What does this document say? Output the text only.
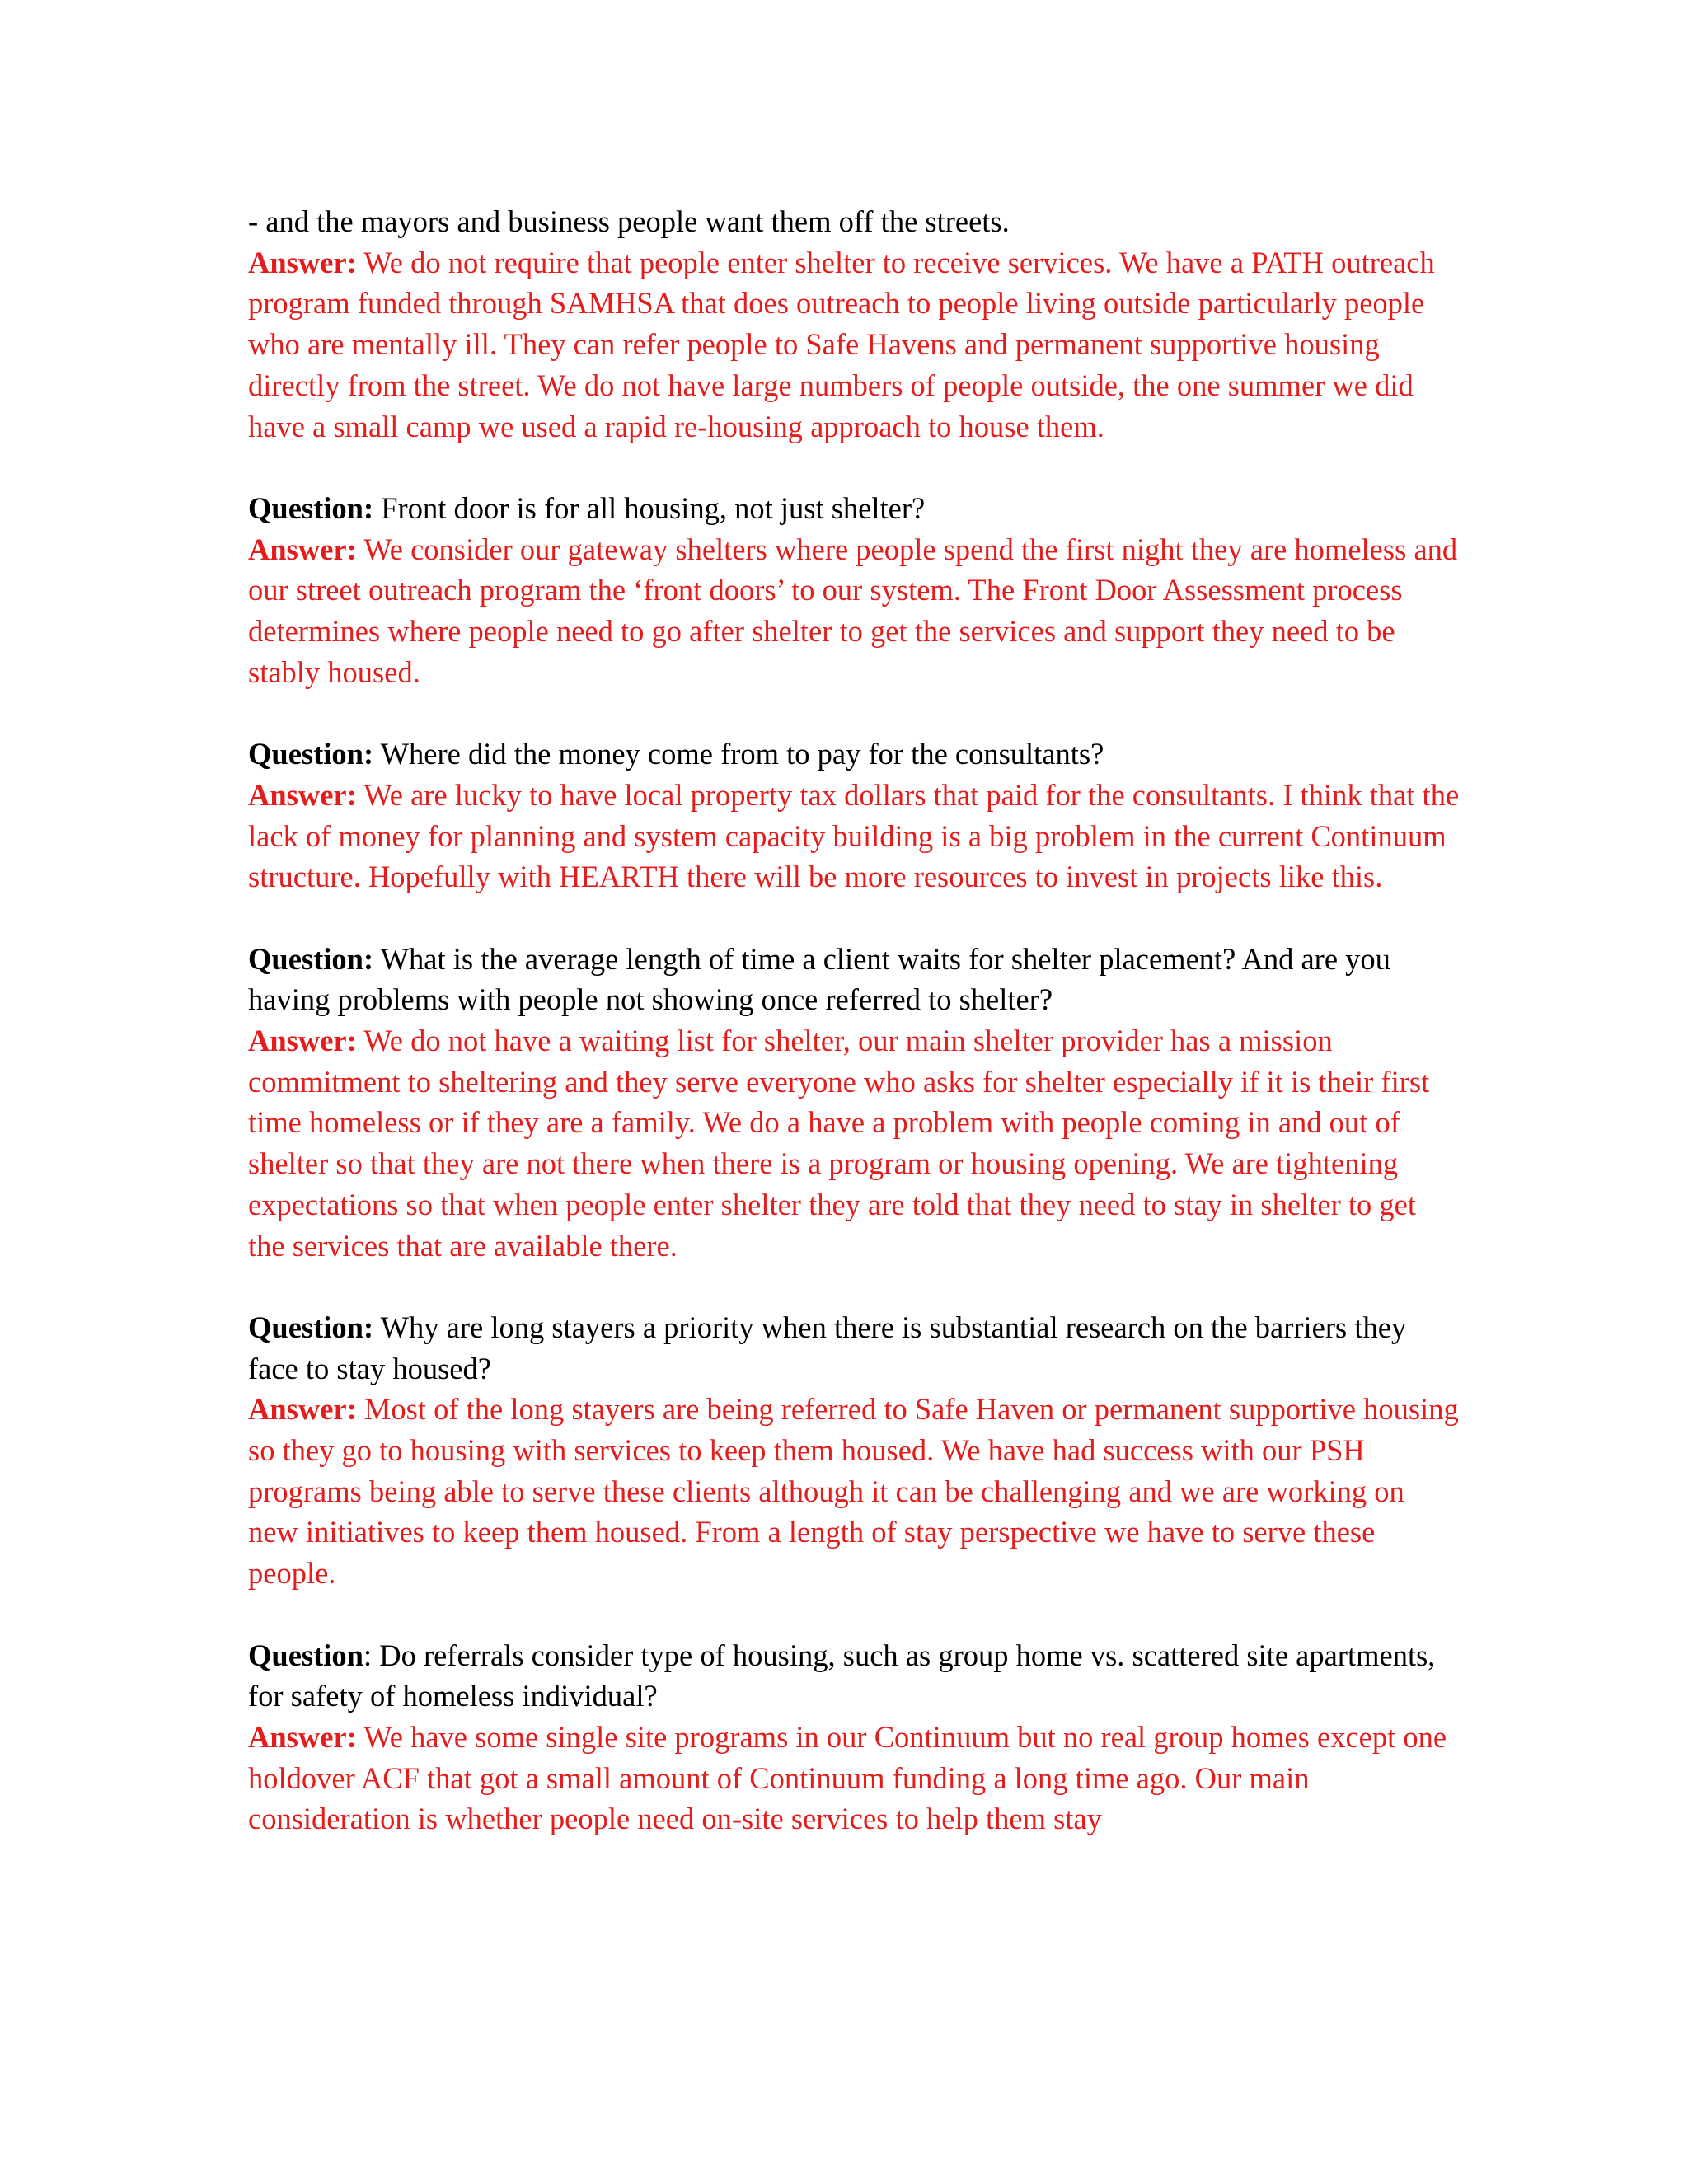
- and the mayors and business people want them off the streets.

Answer: We do not require that people enter shelter to receive services. We have a PATH outreach program funded through SAMHSA that does outreach to people living outside particularly people who are mentally ill. They can refer people to Safe Havens and permanent supportive housing directly from the street. We do not have large numbers of people outside, the one summer we did have a small camp we used a rapid re-housing approach to house them.

Question: Front door is for all housing, not just shelter?

Answer: We consider our gateway shelters where people spend the first night they are homeless and our street outreach program the ‘front doors’ to our system. The Front Door Assessment process determines where people need to go after shelter to get the services and support they need to be stably housed.

Question: Where did the money come from to pay for the consultants?

Answer: We are lucky to have local property tax dollars that paid for the consultants. I think that the lack of money for planning and system capacity building is a big problem in the current Continuum structure. Hopefully with HEARTH there will be more resources to invest in projects like this.

Question: What is the average length of time a client waits for shelter placement? And are you having problems with people not showing once referred to shelter?

Answer: We do not have a waiting list for shelter, our main shelter provider has a mission commitment to sheltering and they serve everyone who asks for shelter especially if it is their first time homeless or if they are a family. We do a have a problem with people coming in and out of shelter so that they are not there when there is a program or housing opening. We are tightening expectations so that when people enter shelter they are told that they need to stay in shelter to get the services that are available there.

Question: Why are long stayers a priority when there is substantial research on the barriers they face to stay housed?

Answer: Most of the long stayers are being referred to Safe Haven or permanent supportive housing so they go to housing with services to keep them housed. We have had success with our PSH programs being able to serve these clients although it can be challenging and we are working on new initiatives to keep them housed. From a length of stay perspective we have to serve these people.

Question: Do referrals consider type of housing, such as group home vs. scattered site apartments, for safety of homeless individual?

Answer: We have some single site programs in our Continuum but no real group homes except one holdover ACF that got a small amount of Continuum funding a long time ago. Our main consideration is whether people need on-site services to help them stay
